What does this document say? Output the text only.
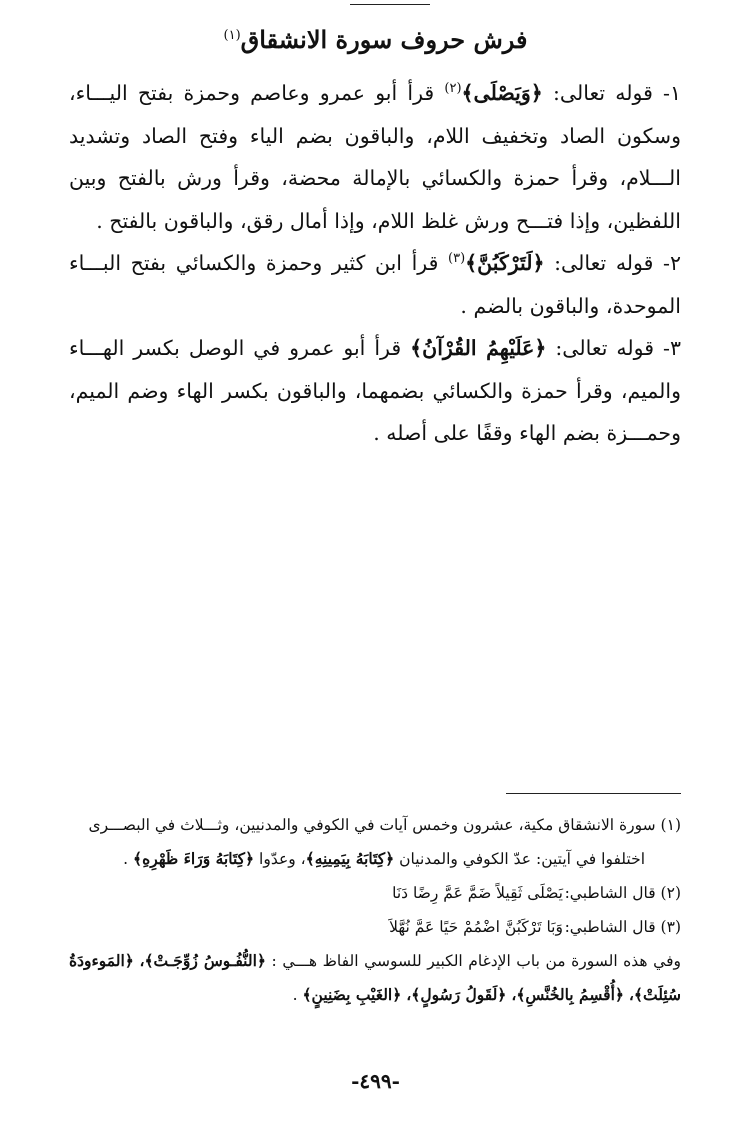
فرش حروف سورة الانشقاق$^{(١)}$

١- قوله تعالى: ﴿وَيَصْلَى﴾$^{(٢)}$ قرأ أبو عمرو وعاصم وحمزة بفتح اليـــاء، وسكون الصاد وتخفيف اللام، والباقون بضم الياء وفتح الصاد وتشديد الـــلام، وقرأ حمزة والكسائي بالإمالة محضة، وقرأ ورش بالفتح وبين اللفظين، وإذا فتـــح ورش غلظ اللام، وإذا أمال رقق، والباقون بالفتح .

٢- قوله تعالى: ﴿لَتَرْكَبُنَّ﴾$^{(٣)}$ قرأ ابن كثير وحمزة والكسائي بفتح البـــاء الموحدة، والباقون بالضم .

٣- قوله تعالى: ﴿عَلَيْهِمُ القُرْآنُ﴾ قرأ أبو عمرو في الوصل بكسر الهـــاء والميم، وقرأ حمزة والكسائي بضمهما، والباقون بكسر الهاء وضم الميم، وحمـــزة بضم الهاء وقفًا على أصله .

(١) سورة الانشقاق مكية، عشرون وخمس آيات في الكوفي والمدنيين، وثـــلاث في البصـــرى

اختلفوا في آيتين: عدّ الكوفي والمدنيان ﴿كِتَابَهُ بِيَمِينِهِ﴾، وعدّوا ﴿كِتَابَهُ وَرَاءَ ظَهْرِهِ﴾ .

(٢) قال الشاطبي:
يَصْلَى ثَقِيلاً ضَمَّ عَمَّ رِضًا دَنَا

(٣) قال الشاطبي:
وَبَا تَرْكَبُنَّ اضْمُمْ حَيًا عَمَّ نُهَّلاَ

وفي هذه السورة من باب الإدغام الكبير للسوسي الفاظ هـــي : ﴿النُّفُـوسُ زُوِّجَـتْ﴾، ﴿المَوءودَةُ سُئِلَتْ﴾، ﴿أُقْسِمُ بِالخُنَّسِ﴾، ﴿لَقَولُ رَسُولٍ﴾، ﴿الغَيْبِ بِضَنِينٍ﴾ .

-٤٩٩-
